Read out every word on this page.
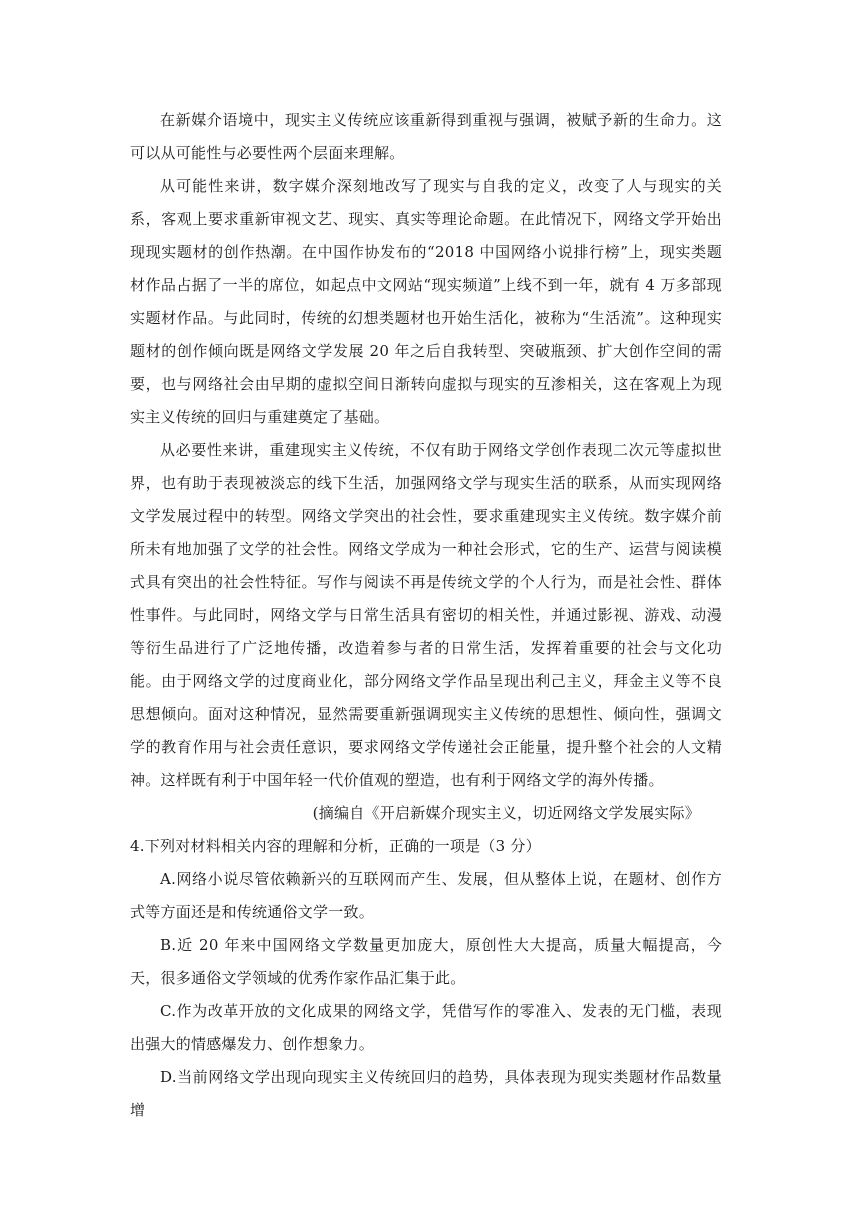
在新媒介语境中，现实主义传统应该重新得到重视与强调，被赋予新的生命力。这可以从可能性与必要性两个层面来理解。

从可能性来讲，数字媒介深刻地改写了现实与自我的定义，改变了人与现实的关系，客观上要求重新审视文艺、现实、真实等理论命题。在此情况下，网络文学开始出现现实题材的创作热潮。在中国作协发布的“2018 中国网络小说排行榜”上，现实类题材作品占据了一半的席位，如起点中文网站“现实频道”上线不到一年，就有 4 万多部现实题材作品。与此同时，传统的幻想类题材也开始生活化，被称为“生活流”。这种现实题材的创作倾向既是网络文学发展 20 年之后自我转型、突破瓶颈、扩大创作空间的需要，也与网络社会由早期的虚拟空间日渐转向虚拟与现实的互渗相关，这在客观上为现实主义传统的回归与重建奠定了基础。

从必要性来讲，重建现实主义传统，不仅有助于网络文学创作表现二次元等虚拟世界，也有助于表现被淡忘的线下生活，加强网络文学与现实生活的联系，从而实现网络文学发展过程中的转型。网络文学突出的社会性，要求重建现实主义传统。数字媒介前所未有地加强了文学的社会性。网络文学成为一种社会形式，它的生产、运营与阅读模式具有突出的社会性特征。写作与阅读不再是传统文学的个人行为，而是社会性、群体性事件。与此同时，网络文学与日常生活具有密切的相关性，并通过影视、游戏、动漫等衍生品进行了广泛地传播，改造着参与者的日常生活，发挥着重要的社会与文化功能。由于网络文学的过度商业化，部分网络文学作品呈现出利己主义，拜金主义等不良思想倾向。面对这种情况，显然需要重新强调现实主义传统的思想性、倾向性，强调文学的教育作用与社会责任意识，要求网络文学传递社会正能量，提升整个社会的人文精神。这样既有利于中国年轻一代价值观的塑造，也有利于网络文学的海外传播。

(摘编自《开启新媒介现实主义，切近网络文学发展实际》

4.下列对材料相关内容的理解和分析，正确的一项是（3 分）

A.网络小说尽管依赖新兴的互联网而产生、发展，但从整体上说，在题材、创作方式等方面还是和传统通俗文学一致。

B.近 20 年来中国网络文学数量更加庞大，原创性大大提高，质量大幅提高，今天，很多通俗文学领域的优秀作家作品汇集于此。

C.作为改革开放的文化成果的网络文学，凭借写作的零准入、发表的无门槛，表现出强大的情感爆发力、创作想象力。

D.当前网络文学出现向现实主义传统回归的趋势，具体表现为现实类题材作品数量增
